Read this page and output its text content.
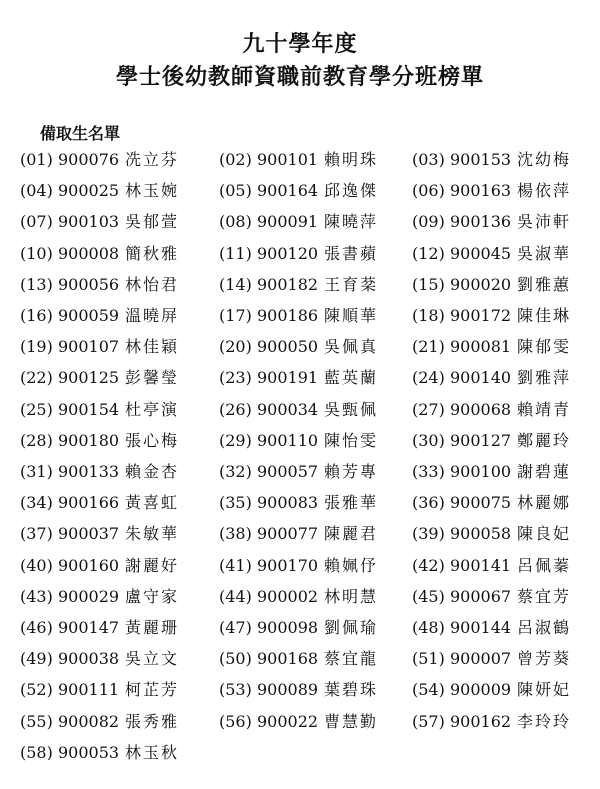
九十學年度
學士後幼教師資職前教育學分班榜單
備取生名單
(01) 900076 冼立芬 (02) 900101 賴明珠 (03) 900153 沈幼梅
(04) 900025 林玉婉 (05) 900164 邱逸傑 (06) 900163 楊依萍
(07) 900103 吳郁萱 (08) 900091 陳曉萍 (09) 900136 吳沛軒
(10) 900008 簡秋雅 (11) 900120 張書蘋 (12) 900045 吳淑華
(13) 900056 林怡君 (14) 900182 王育棻 (15) 900020 劉雅蕙
(16) 900059 溫曉屏 (17) 900186 陳順華 (18) 900172 陳佳琳
(19) 900107 林佳穎 (20) 900050 吳佩真 (21) 900081 陳郁雯
(22) 900125 彭馨瑩 (23) 900191 藍英蘭 (24) 900140 劉雅萍
(25) 900154 杜亭演 (26) 900034 吳甄佩 (27) 900068 賴靖青
(28) 900180 張心梅 (29) 900110 陳怡雯 (30) 900127 鄭麗玲
(31) 900133 賴金杏 (32) 900057 賴芳專 (33) 900100 謝碧蓮
(34) 900166 黃喜虹 (35) 900083 張雅華 (36) 900075 林麗娜
(37) 900037 朱敏華 (38) 900077 陳麗君 (39) 900058 陳良妃
(40) 900160 謝麗好 (41) 900170 賴姵伃 (42) 900141 呂佩蓁
(43) 900029 盧守家 (44) 900002 林明慧 (45) 900067 蔡宜芳
(46) 900147 黃麗珊 (47) 900098 劉佩瑜 (48) 900144 呂淑鶴
(49) 900038 吳立文 (50) 900168 蔡宜龍 (51) 900007 曾芳葵
(52) 900111 柯芷芳 (53) 900089 葉碧珠 (54) 900009 陳妍妃
(55) 900082 張秀雅 (56) 900022 曹慧勤 (57) 900162 李玲玲
(58) 900053 林玉秋
